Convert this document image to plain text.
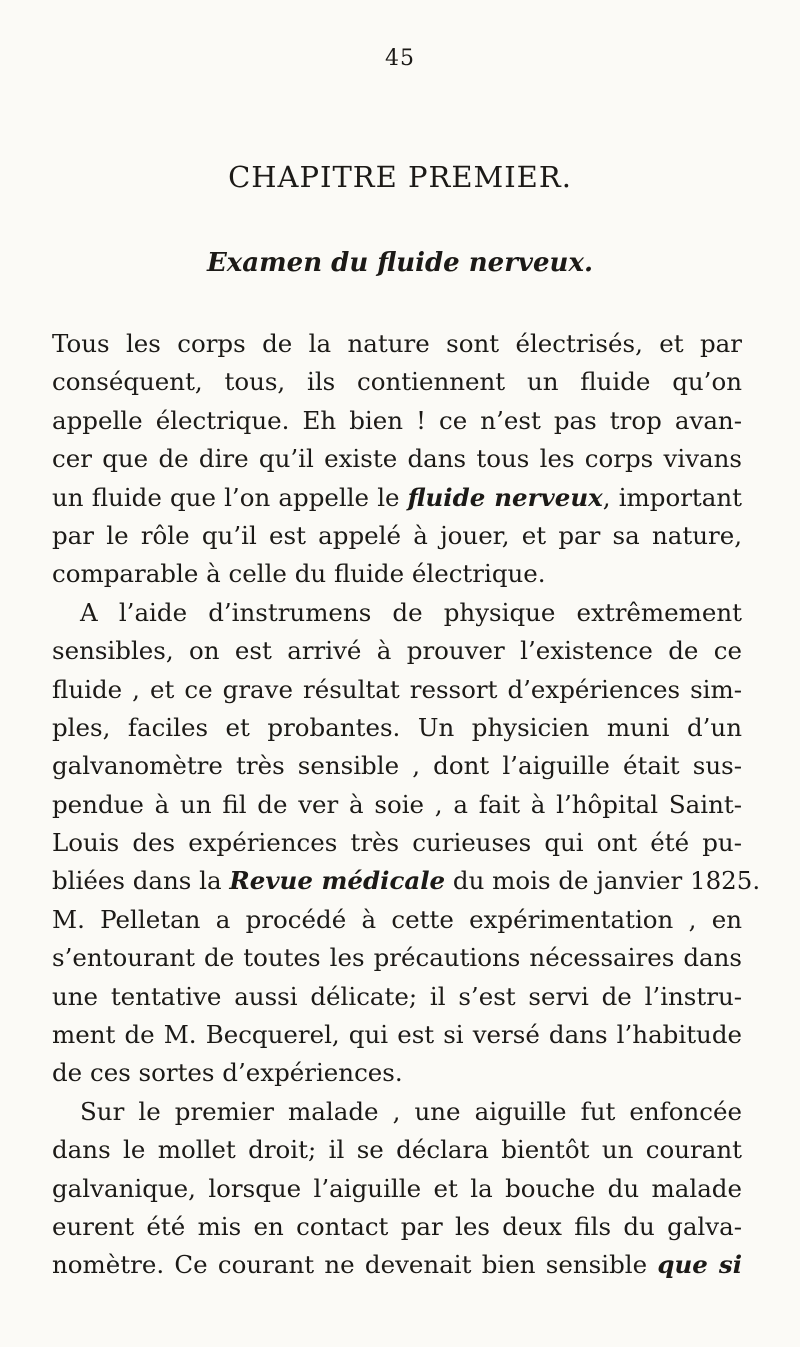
45
CHAPITRE PREMIER.
Examen du fluide nerveux.
Tous les corps de la nature sont électrisés, et par
conséquent, tous, ils contiennent un fluide qu’on
appelle électrique. Eh bien ! ce n’est pas trop avan-
cer que de dire qu’il existe dans tous les corps vivans
un fluide que l’on appelle le fluide nerveux, important
par le rôle qu’il est appelé à jouer, et par sa nature,
comparable à celle du fluide électrique.
A l’aide d’instrumens de physique extrêmement
sensibles, on est arrivé à prouver l’existence de ce
fluide , et ce grave résultat ressort d’expériences sim-
ples, faciles et probantes. Un physicien muni d’un
galvanomètre très sensible , dont l’aiguille était sus-
pendue à un fil de ver à soie , a fait à l’hôpital Saint-
Louis des expériences très curieuses qui ont été pu-
bliées dans la Revue médicale du mois de janvier 1825.
M. Pelletan a procédé à cette expérimentation , en
s’entourant de toutes les précautions nécessaires dans
une tentative aussi délicate; il s’est servi de l’instru-
ment de M. Becquerel, qui est si versé dans l’habitude
de ces sortes d’expériences.
Sur le premier malade , une aiguille fut enfoncée
dans le mollet droit; il se déclara bientôt un courant
galvanique, lorsque l’aiguille et la bouche du malade
eurent été mis en contact par les deux fils du galva-
nomètre. Ce courant ne devenait bien sensible que si
